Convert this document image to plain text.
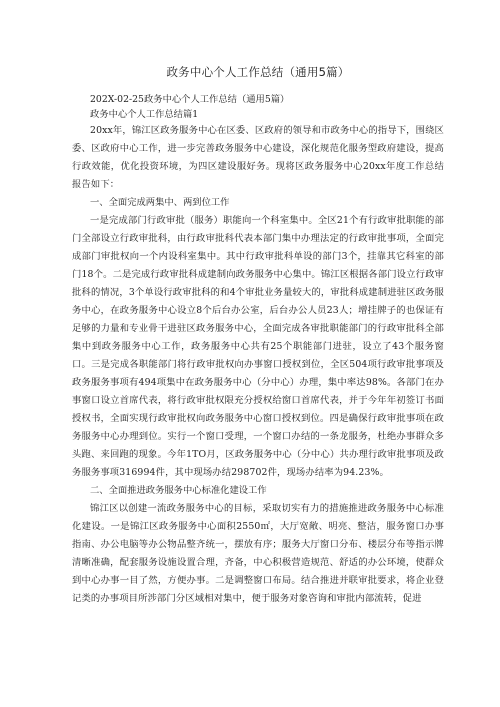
政务中心个人工作总结（通用5篇）

202X-02-25政务中心个人工作总结（通用5篇）

政务中心个人工作总结篇1

20xx年，锦江区政务服务中心在区委、区政府的领导和市政务中心的指导下，围绕区委、区政府中心工作，进一步完善政务服务中心建设，深化规范化服务型政府建设，提高行政效能，优化投资环境，为四区建设服好务。现将区政务服务中心20xx年度工作总结报告如下：

一、全面完成两集中、两到位工作

一是完成部门行政审批（服务）职能向一个科室集中。全区21个有行政审批职能的部门全部设立行政审批科，由行政审批科代表本部门集中办理法定的行政审批事项，全面完成部门审批权向一个内设科室集中。其中行政审批科单设的部门3个，挂靠其它科室的部门18个。二是完成行政审批科成建制向政务服务中心集中。锦江区根据各部门设立行政审批科的情况，3个单设行政审批科的和4个审批业务量较大的，审批科成建制进驻区政务服务中心，在政务服务中心设立8个后台办公室，后台办公人员23人；增挂牌子的也保证有足够的力量和专业骨干进驻区政务服务中心，全面完成各审批职能部门的行政审批科全部集中到政务服务中心工作，政务服务中心共有25个职能部门进驻，设立了43个服务窗口。三是完成各职能部门将行政审批权向办事窗口授权到位，全区504项行政审批事项及政务服务事项有494项集中在政务服务中心（分中心）办理，集中率达98%。各部门在办事窗口设立首席代表，将行政审批权限充分授权给窗口首席代表，并于今年年初签订书面授权书，全面实现行政审批权向政务服务中心窗口授权到位。四是确保行政审批事项在政务服务中心办理到位。实行一个窗口受理，一个窗口办结的一条龙服务，杜绝办事群众多头跑、来回跑的现象。今年1TO月，区政务服务中心（分中心）共办理行政审批事项及政务服务事项316994件，其中现场办结298702件，现场办结率为94.23%。

二、全面推进政务服务中心标准化建设工作

锦江区以创建一流政务服务中心的目标，采取切实有力的措施推进政务服务中心标准化建设。一是锦江区政务服务中心面积2550㎡，大厅宽敞、明亮、整洁，服务窗口办事指南、办公电脑等办公物品整齐统一，摆放有序；服务大厅窗口分布、楼层分布等指示牌清晰准确，配套服务设施设置合理，齐备，中心积极营造规范、舒适的办公环境，使群众到中心办事一目了然，方便办事。二是调整窗口布局。结合推进并联审批要求，将企业登记类的办事项目所涉部门分区域相对集中，便于服务对象咨询和审批内部流转，促进
